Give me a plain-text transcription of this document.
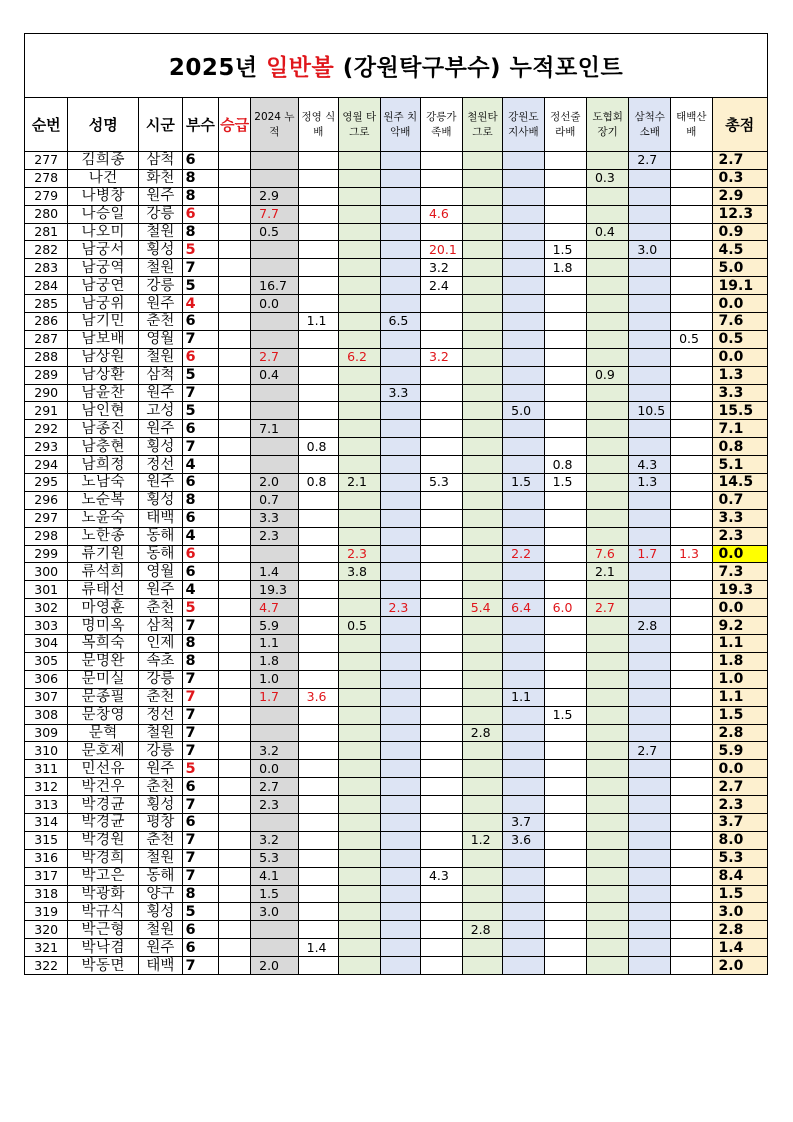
2025년
일반볼
(강원탁구부수) 누적포인트
순번	성명	시군	부수	승급	2024 누적	정영 식배	영월 타그로	원주 치악배	강릉가 족배	철원타 그로	강원도 지사배	정선줄 라배	도협회 장기	삼척수 소배	태백산 배	총점
277	김희종	삼척	6											2.7		2.7
278	나건	화천	8										0.3			0.3
279	나병창	원주	8		2.9											2.9
280	나승일	강릉	6		7.7				4.6							12.3
281	나오미	철원	8		0.5								0.4			0.9
282	남궁서	횡성	5						20.1			1.5		3.0		4.5
283	남궁역	철원	7						3.2			1.8				5.0
284	남궁연	강릉	5		16.7				2.4							19.1
285	남궁위	원주	4		0.0											0.0
286	남기민	춘천	6			1.1		6.5								7.6
287	남보배	영월	7												0.5	0.5
288	남상원	철원	6		2.7		6.2		3.2							0.0
289	남상환	삼척	5		0.4								0.9			1.3
290	남윤찬	원주	7					3.3								3.3
291	남인현	고성	5								5.0			10.5		15.5
292	남종진	원주	6		7.1											7.1
293	남충현	횡성	7			0.8										0.8
294	남희정	정선	4									0.8		4.3		5.1
295	노남숙	원주	6		2.0	0.8	2.1		5.3		1.5	1.5		1.3		14.5
296	노순복	횡성	8		0.7											0.7
297	노윤숙	태백	6		3.3											3.3
298	노한종	동해	4		2.3											2.3
299	류기원	동해	6				2.3				2.2		7.6	1.7	1.3	0.0
300	류석희	영월	6		1.4		3.8						2.1			7.3
301	류태선	원주	4		19.3											19.3
302	마영훈	춘천	5		4.7			2.3		5.4	6.4	6.0	2.7			0.0
303	명미옥	삼척	7		5.9		0.5							2.8		9.2
304	목희숙	인제	8		1.1											1.1
305	문명완	속초	8		1.8											1.8
306	문미실	강릉	7		1.0											1.0
307	문종필	춘천	7		1.7	3.6					1.1					1.1
308	문창영	정선	7									1.5				1.5
309	문혁	철원	7							2.8						2.8
310	문호제	강릉	7		3.2									2.7		5.9
311	민선유	원주	5		0.0											0.0
312	박건우	춘천	6		2.7											2.7
313	박경균	횡성	7		2.3											2.3
314	박경균	평창	6								3.7					3.7
315	박경원	춘천	7		3.2					1.2	3.6					8.0
316	박경희	철원	7		5.3											5.3
317	박고은	동해	7		4.1				4.3							8.4
318	박광화	양구	8		1.5											1.5
319	박규식	횡성	5		3.0											3.0
320	박근형	철원	6							2.8						2.8
321	박낙겸	원주	6			1.4										1.4
322	박동면	태백	7		2.0											2.0
